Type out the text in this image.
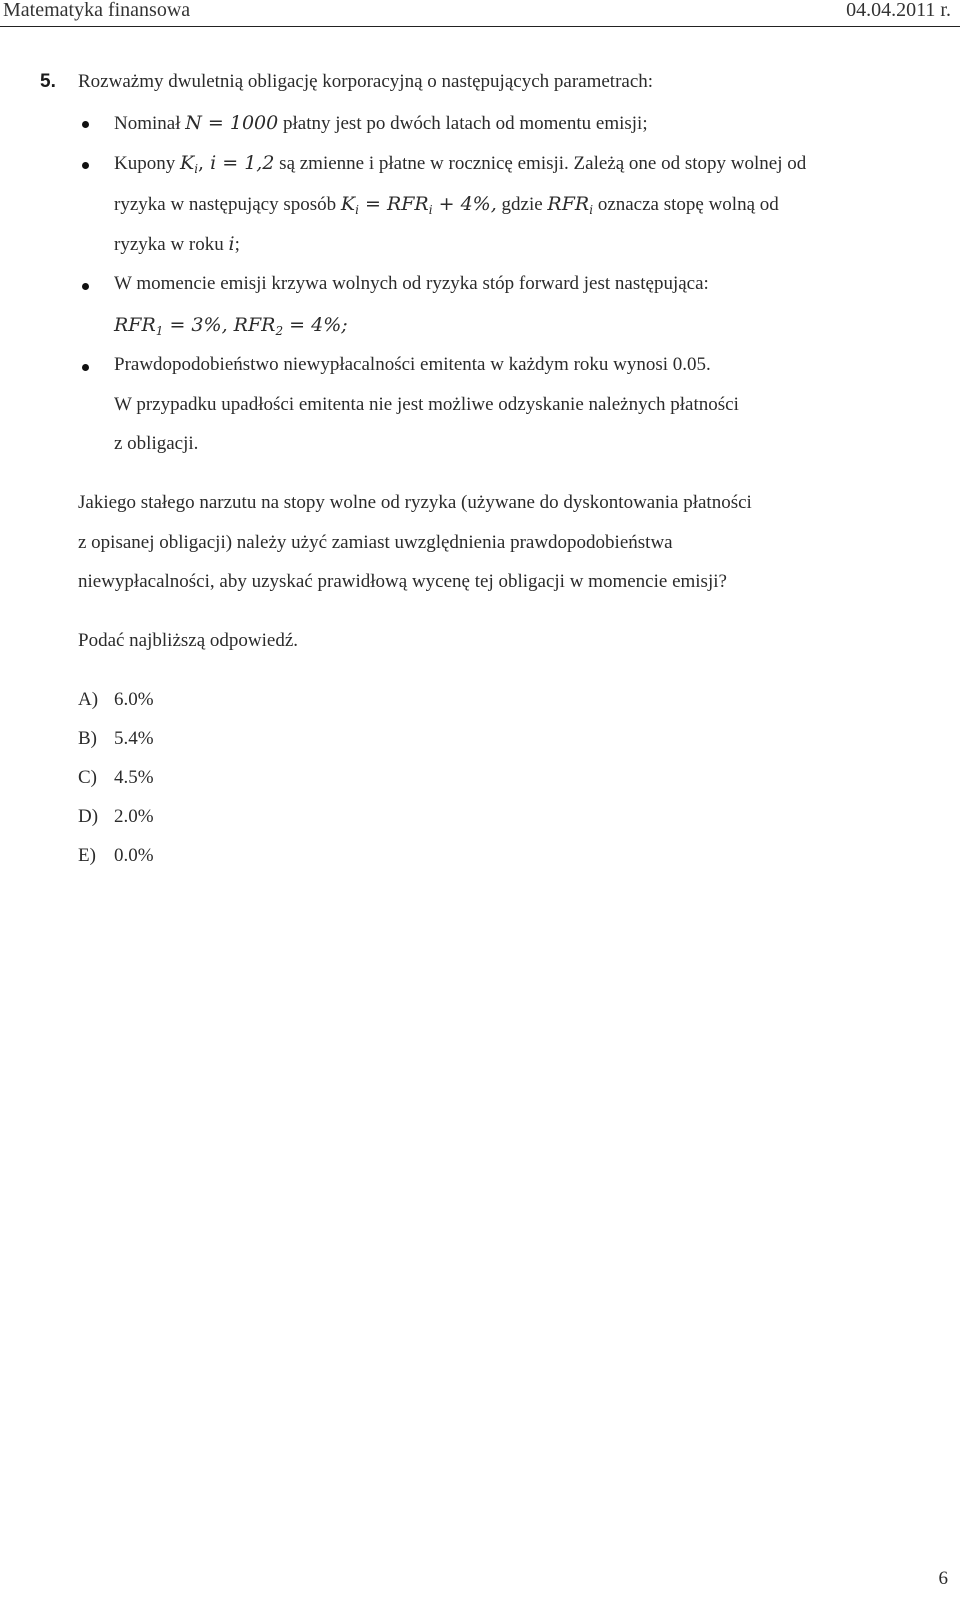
Matematyka finansowa	04.04.2011 r.
5. Rozważmy dwuletnią obligację korporacyjną o następujących parametrach:
Nominał N = 1000 płatny jest po dwóch latach od momentu emisji;
Kupony $K_i$, i = 1,2 są zmienne i płatne w rocznicę emisji. Zależą one od stopy wolnej od
ryzyka w następujący sposób $K_i = RFR_i + 4\%$, gdzie $RFR_i$ oznacza stopę wolną od
ryzyka w roku i;
W momencie emisji krzywa wolnych od ryzyka stóp forward jest następująca:
$RFR_1 = 3\%$, $RFR_2 = 4\%$;
Prawdopodobieństwo niewypłacalności emitenta w każdym roku wynosi 0.05.
W przypadku upadłości emitenta nie jest możliwe odzyskanie należnych płatności
z obligacji.
Jakiego stałego narzutu na stopy wolne od ryzyka (używane do dyskontowania płatności
z opisanej obligacji) należy użyć zamiast uwzględnienia prawdopodobieństwa
niewypłacalności, aby uzyskać prawidłową wycenę tej obligacji w momencie emisji?
Podać najbliższą odpowiedź.
A) 6.0%
B) 5.4%
C) 4.5%
D) 2.0%
E) 0.0%
6
